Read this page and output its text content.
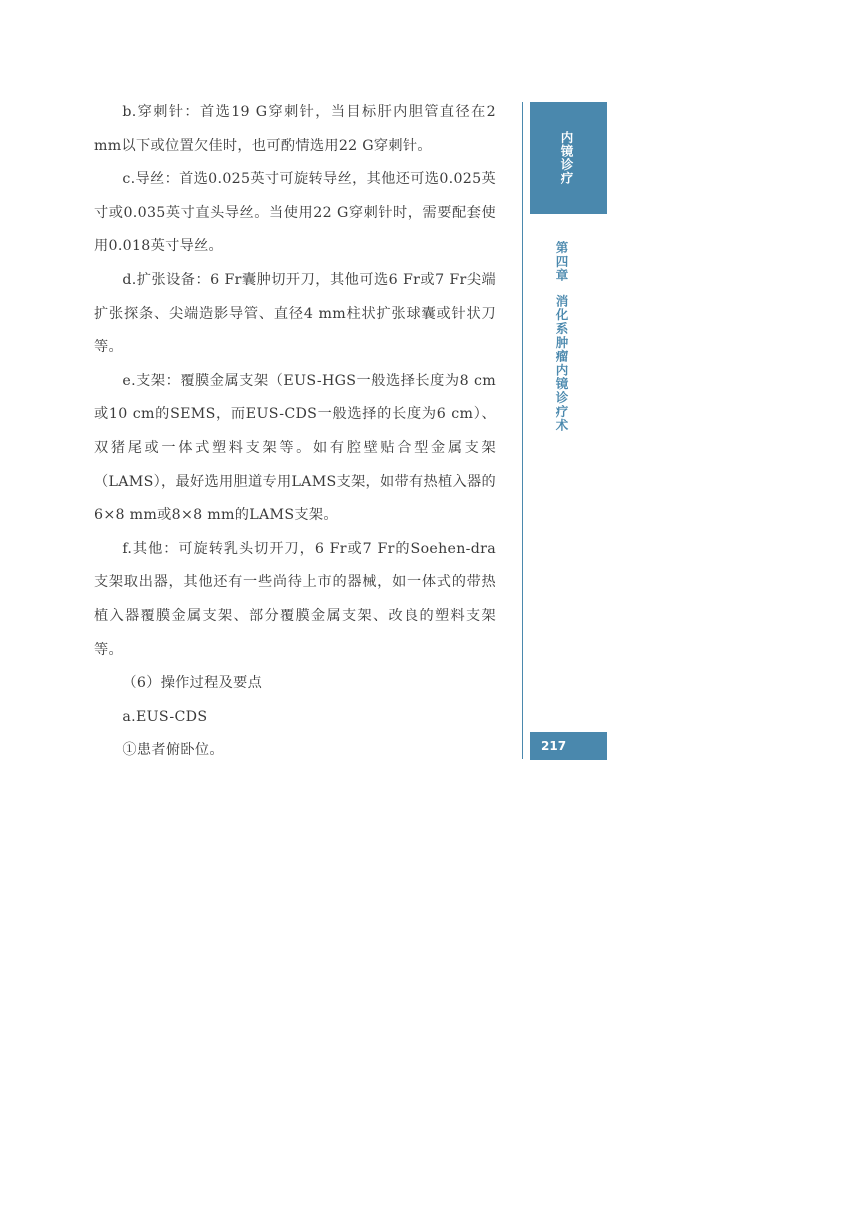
b.穿刺针：首选19 G穿刺针，当目标肝内胆管直径在2 mm以下或位置欠佳时，也可酌情选用22 G穿刺针。

c.导丝：首选0.025英寸可旋转导丝，其他还可选0.025英寸或0.035英寸直头导丝。当使用22 G穿刺针时，需要配套使用0.018英寸导丝。

d.扩张设备：6 Fr囊肿切开刀，其他可选6 Fr或7 Fr尖端扩张探条、尖端造影导管、直径4 mm柱状扩张球囊或针状刀等。

e.支架：覆膜金属支架（EUS-HGS一般选择长度为8 cm或10 cm的SEMS，而EUS-CDS一般选择的长度为6 cm）、双猪尾或一体式塑料支架等。如有腔壁贴合型金属支架（LAMS），最好选用胆道专用LAMS支架，如带有热植入器的6×8 mm或8×8 mm的LAMS支架。

f.其他：可旋转乳头切开刀，6 Fr或7 Fr的Soehen-dra支架取出器，其他还有一些尚待上市的器械，如一体式的带热植入器覆膜金属支架、部分覆膜金属支架、改良的塑料支架等。

（6）操作过程及要点

a.EUS-CDS

①患者俯卧位。

内镜诊疗
第四章消化系肿瘤内镜诊疗术
217
